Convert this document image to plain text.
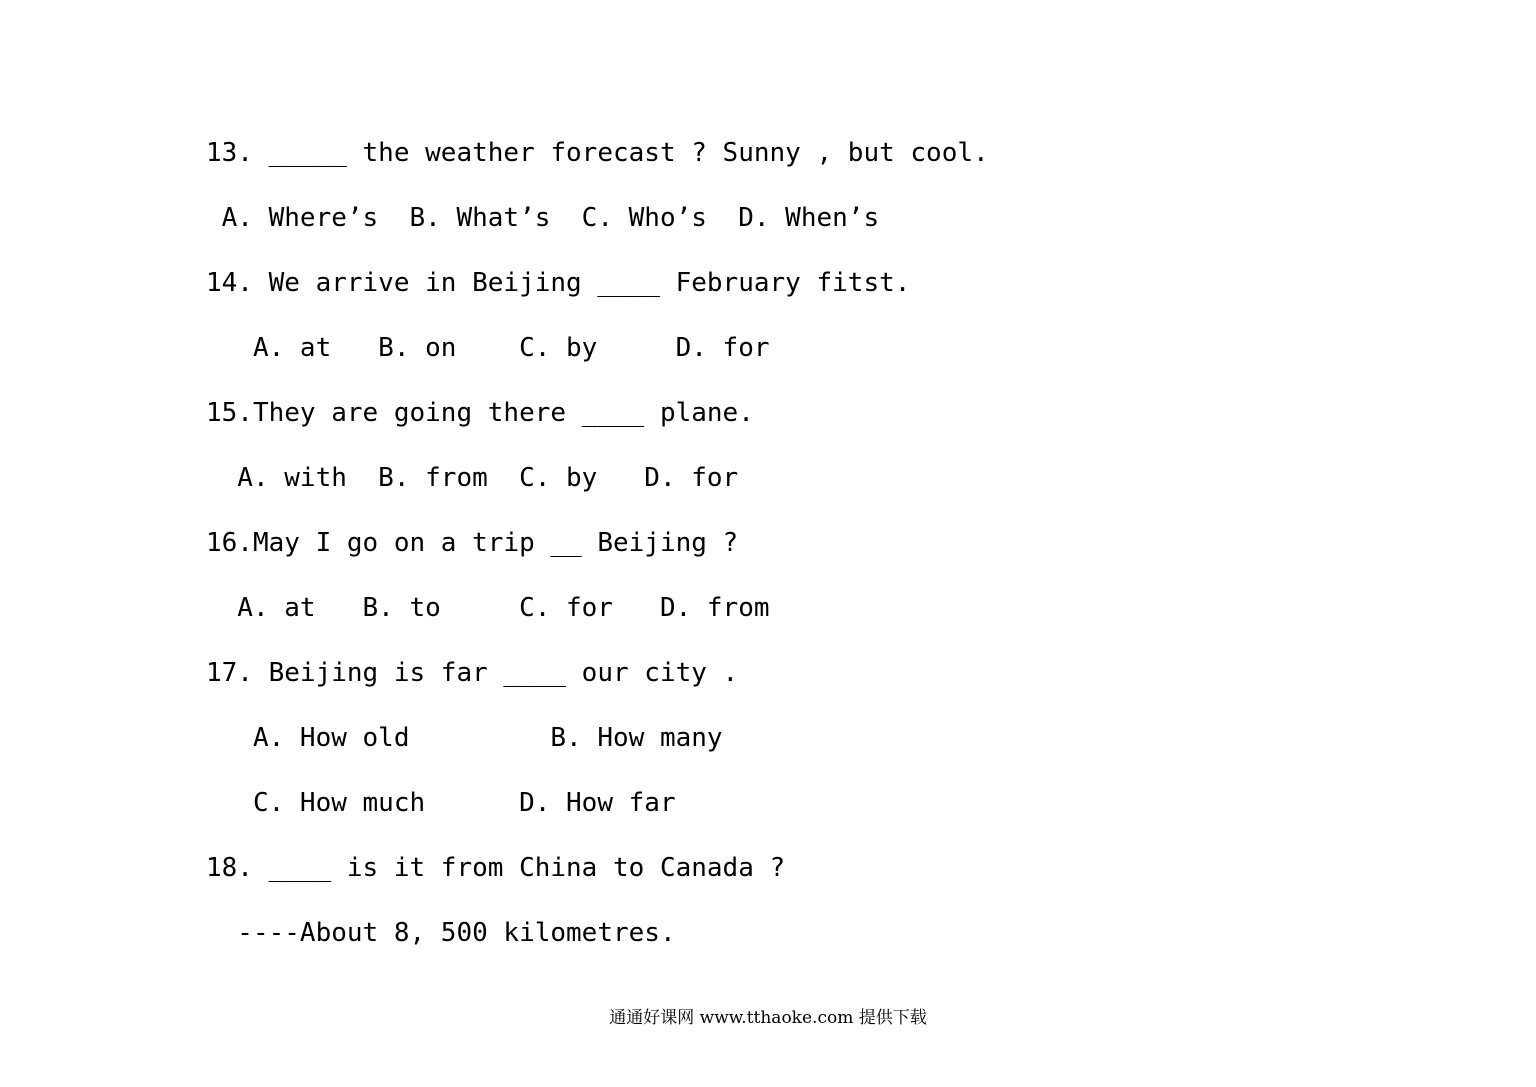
13. _____ the weather forecast ? Sunny , but cool.
A. Where’s  B. What’s  C. Who’s  D. When’s
14. We arrive in Beijing ____ February fitst.
A. at   B. on    C. by     D. for
15.They are going there ____ plane.
A. with  B. from  C. by   D. for
16.May I go on a trip __ Beijing ?
A. at   B. to     C. for   D. from
17. Beijing is far ____ our city .
A. How old         B. How many
C. How much      D. How far
18. ____ is it from China to Canada ?
----About 8, 500 kilometres.
通通好课网 www.tthaoke.com 提供下载
